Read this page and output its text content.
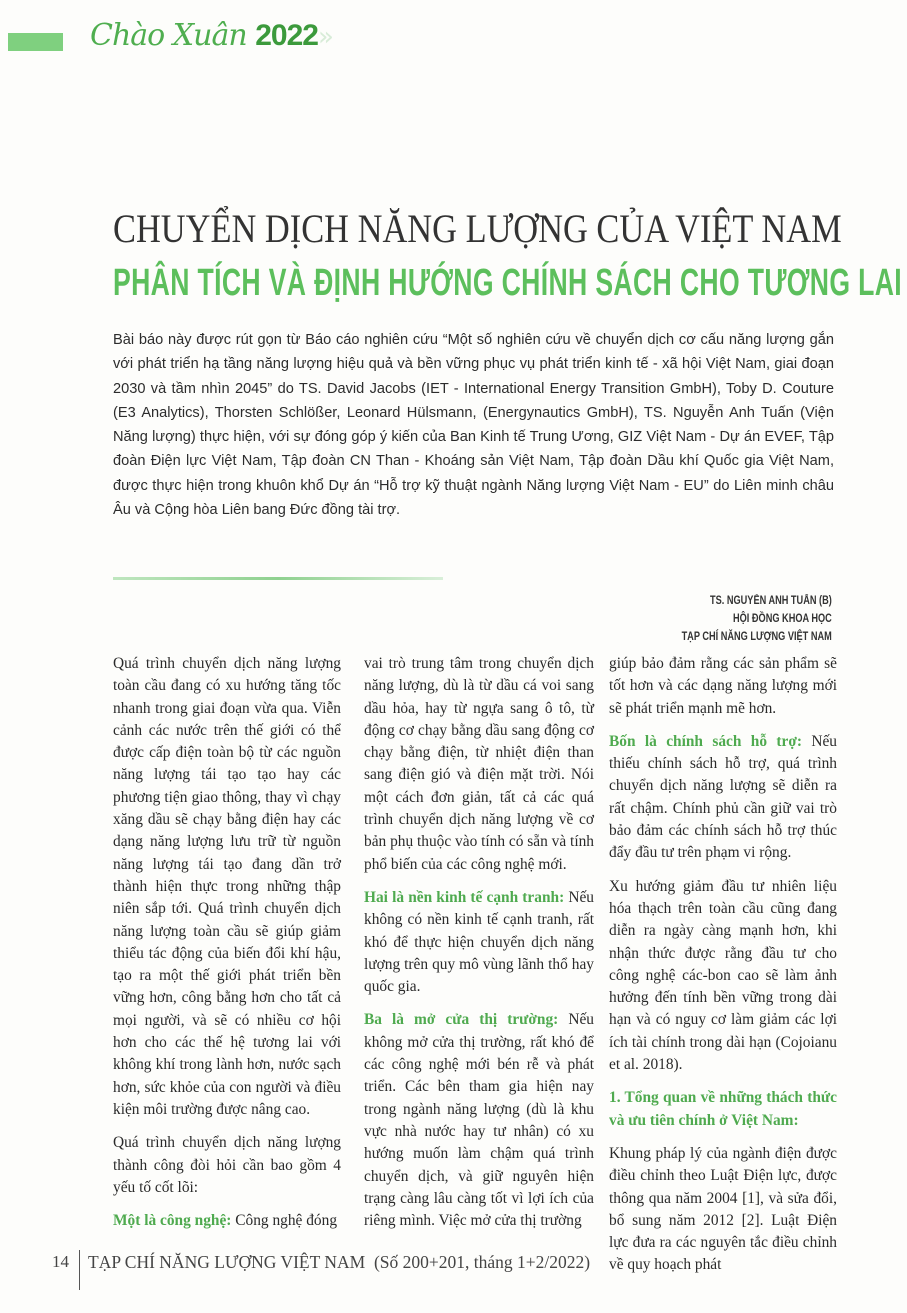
Chào Xuân 2022 »
CHUYỂN DỊCH NĂNG LƯỢNG CỦA VIỆT NAM
PHÂN TÍCH VÀ ĐỊNH HƯỚNG CHÍNH SÁCH CHO TƯƠNG LAI
Bài báo này được rút gọn từ Báo cáo nghiên cứu “Một số nghiên cứu về chuyển dịch cơ cấu năng lượng gắn với phát triển hạ tầng năng lượng hiệu quả và bền vững phục vụ phát triển kinh tế - xã hội Việt Nam, giai đoạn 2030 và tầm nhìn 2045” do TS. David Jacobs (IET - International Energy Transition GmbH), Toby D. Couture (E3 Analytics), Thorsten Schlößer, Leonard Hülsmann, (Energynautics GmbH), TS. Nguyễn Anh Tuấn (Viện Năng lượng) thực hiện, với sự đóng góp ý kiến của Ban Kinh tế Trung Ương, GIZ Việt Nam - Dự án EVEF, Tập đoàn Điện lực Việt Nam, Tập đoàn CN Than - Khoáng sản Việt Nam, Tập đoàn Dầu khí Quốc gia Việt Nam, được thực hiện trong khuôn khổ Dự án “Hỗ trợ kỹ thuật ngành Năng lượng Việt Nam - EU” do Liên minh châu Âu và Cộng hòa Liên bang Đức đồng tài trợ.
TS. NGUYỄN ANH TUẤN (B)
HỘI ĐỒNG KHOA HỌC
TẠP CHÍ NĂNG LƯỢNG VIỆT NAM

Quá trình chuyển dịch năng lượng toàn cầu đang có xu hướng tăng tốc nhanh trong giai đoạn vừa qua. Viễn cảnh các nước trên thế giới có thể được cấp điện toàn bộ từ các nguồn năng lượng tái tạo tạo hay các phương tiện giao thông, thay vì chạy xăng dầu sẽ chạy bằng điện hay các dạng năng lượng lưu trữ từ nguồn năng lượng tái tạo đang dần trở thành hiện thực trong những thập niên sắp tới. Quá trình chuyển dịch năng lượng toàn cầu sẽ giúp giảm thiểu tác động của biến đổi khí hậu, tạo ra một thế giới phát triển bền vững hơn, công bằng hơn cho tất cả mọi người, và sẽ có nhiều cơ hội hơn cho các thế hệ tương lai với không khí trong lành hơn, nước sạch hơn, sức khỏe của con người và điều kiện môi trường được nâng cao.

Quá trình chuyển dịch năng lượng thành công đòi hỏi cần bao gồm 4 yếu tố cốt lõi:

Một là công nghệ: Công nghệ đóng

vai trò trung tâm trong chuyển dịch năng lượng, dù là từ dầu cá voi sang dầu hỏa, hay từ ngựa sang ô tô, từ động cơ chạy bằng dầu sang động cơ chạy bằng điện, từ nhiệt điện than sang điện gió và điện mặt trời. Nói một cách đơn giản, tất cả các quá trình chuyển dịch năng lượng về cơ bản phụ thuộc vào tính có sẵn và tính phổ biến của các công nghệ mới.

Hai là nền kinh tế cạnh tranh: Nếu không có nền kinh tế cạnh tranh, rất khó để thực hiện chuyển dịch năng lượng trên quy mô vùng lãnh thổ hay quốc gia.

Ba là mở cửa thị trường: Nếu không mở cửa thị trường, rất khó để các công nghệ mới bén rễ và phát triển. Các bên tham gia hiện nay trong ngành năng lượng (dù là khu vực nhà nước hay tư nhân) có xu hướng muốn làm chậm quá trình chuyển dịch, và giữ nguyên hiện trạng càng lâu càng tốt vì lợi ích của riêng mình. Việc mở cửa thị trường

giúp bảo đảm rằng các sản phẩm sẽ tốt hơn và các dạng năng lượng mới sẽ phát triển mạnh mẽ hơn.

Bốn là chính sách hỗ trợ: Nếu thiếu chính sách hỗ trợ, quá trình chuyển dịch năng lượng sẽ diễn ra rất chậm. Chính phủ cần giữ vai trò bảo đảm các chính sách hỗ trợ thúc đẩy đầu tư trên phạm vi rộng.

Xu hướng giảm đầu tư nhiên liệu hóa thạch trên toàn cầu cũng đang diễn ra ngày càng mạnh hơn, khi nhận thức được rằng đầu tư cho công nghệ các-bon cao sẽ làm ảnh hưởng đến tính bền vững trong dài hạn và có nguy cơ làm giảm các lợi ích tài chính trong dài hạn (Cojoianu et al. 2018).

1. Tổng quan về những thách thức và ưu tiên chính ở Việt Nam:

Khung pháp lý của ngành điện được điều chỉnh theo Luật Điện lực, được thông qua năm 2004 [1], và sửa đổi, bổ sung năm 2012 [2]. Luật Điện lực đưa ra các nguyên tắc điều chỉnh về quy hoạch phát

14 TẠP CHÍ NĂNG LƯỢNG VIỆT NAM (Số 200+201, tháng 1+2/2022)
